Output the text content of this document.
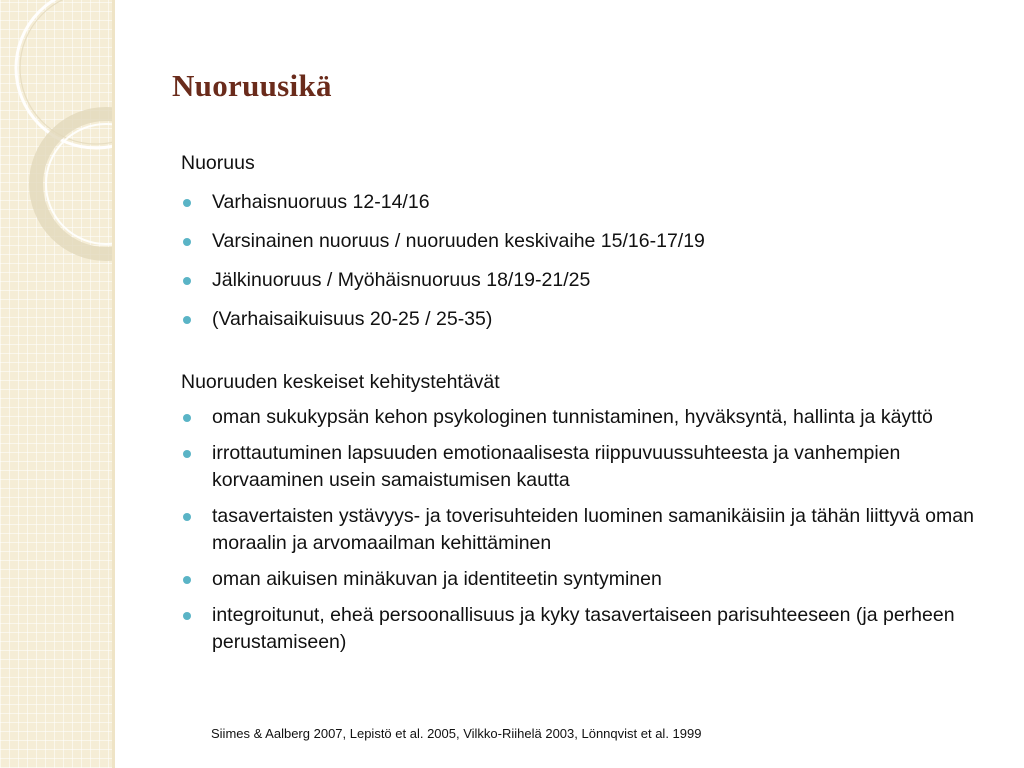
Nuoruusikä

Nuoruus

Varhaisnuoruus 12-14/16
Varsinainen nuoruus / nuoruuden keskivaihe 15/16-17/19
Jälkinuoruus / Myöhäisnuoruus 18/19-21/25
(Varhaisaikuisuus 20-25 / 25-35)

Nuoruuden keskeiset kehitystehtävät

oman sukukypsän kehon psykologinen tunnistaminen, hyväksyntä, hallinta ja käyttö
irrottautuminen lapsuuden emotionaalisesta riippuvuussuhteesta ja vanhempien korvaaminen usein samaistumisen kautta
tasavertaisten ystävyys- ja toverisuhteiden luominen samanikäisiin ja tähän liittyvä oman moraalin ja arvomaailman kehittäminen
oman aikuisen minäkuvan ja identiteetin syntyminen
integroitunut, eheä persoonallisuus ja kyky tasavertaiseen parisuhteeseen (ja perheen perustamiseen)
Siimes & Aalberg 2007, Lepistö et al. 2005, Vilkko-Riihelä 2003, Lönnqvist et al. 1999
